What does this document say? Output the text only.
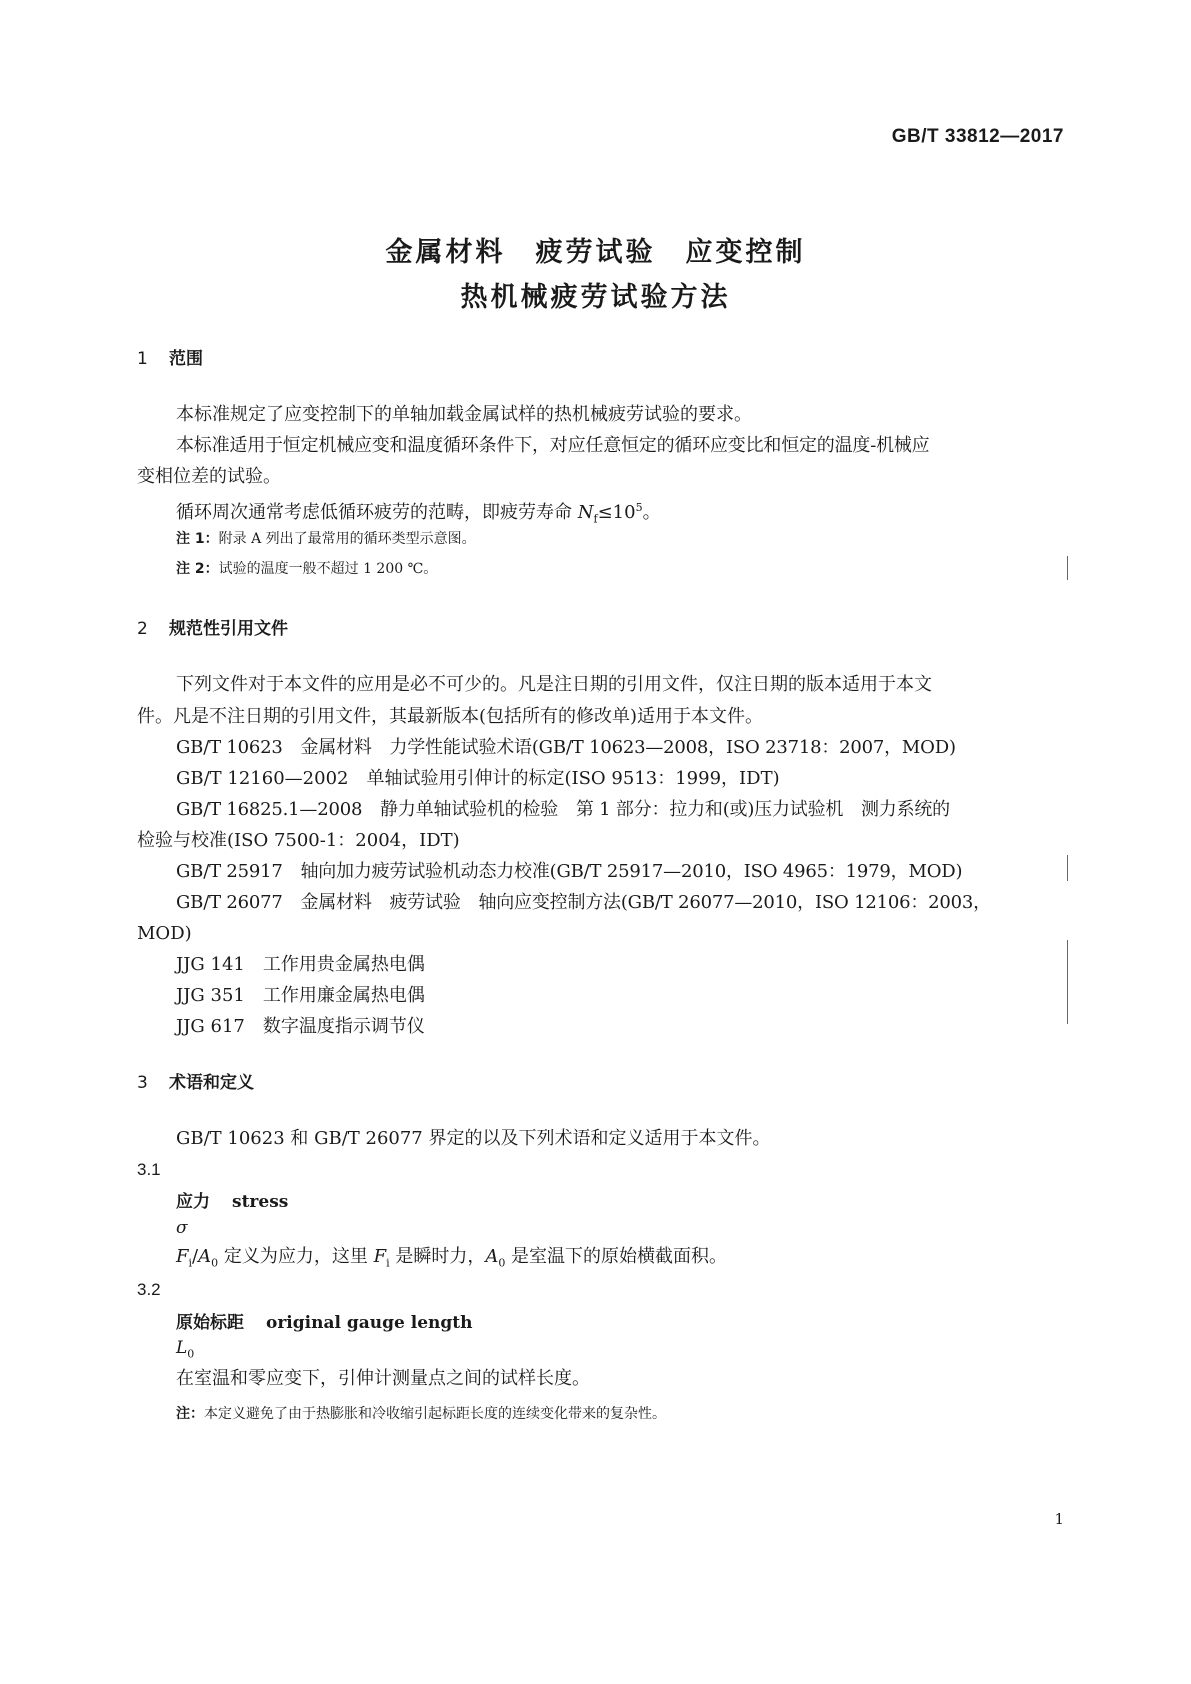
GB/T 33812—2017
金属材料　疲劳试验　应变控制
热机械疲劳试验方法
1 范围
本标准规定了应变控制下的单轴加载金属试样的热机械疲劳试验的要求。
本标准适用于恒定机械应变和温度循环条件下，对应任意恒定的循环应变比和恒定的温度-机械应
变相位差的试验。
循环周次通常考虑低循环疲劳的范畴，即疲劳寿命 $N_f\le 10^5$。
注 1：附录 A 列出了最常用的循环类型示意图。
注 2：试验的温度一般不超过 1 200 ℃。
2 规范性引用文件
下列文件对于本文件的应用是必不可少的。凡是注日期的引用文件，仅注日期的版本适用于本文
件。凡是不注日期的引用文件，其最新版本(包括所有的修改单)适用于本文件。
GB/T 10623　金属材料　力学性能试验术语(GB/T 10623—2008，ISO 23718：2007，MOD)
GB/T 12160—2002　单轴试验用引伸计的标定(ISO 9513：1999，IDT)
GB/T 16825.1—2008　静力单轴试验机的检验　第 1 部分：拉力和(或)压力试验机　测力系统的
检验与校准(ISO 7500-1：2004，IDT)
GB/T 25917　轴向加力疲劳试验机动态力校准(GB/T 25917—2010，ISO 4965：1979，MOD)
GB/T 26077　金属材料　疲劳试验　轴向应变控制方法(GB/T 26077—2010，ISO 12106：2003，
MOD)
JJG 141　工作用贵金属热电偶
JJG 351　工作用廉金属热电偶
JJG 617　数字温度指示调节仪
3 术语和定义
GB/T 10623 和 GB/T 26077 界定的以及下列术语和定义适用于本文件。
3.1
应力 stress
σ
$F_i/A_0$ 定义为应力，这里 $F_i$ 是瞬时力，$A_0$ 是室温下的原始横截面积。
3.2
原始标距 original gauge length
$L_0$
在室温和零应变下，引伸计测量点之间的试样长度。
注：本定义避免了由于热膨胀和冷收缩引起标距长度的连续变化带来的复杂性。
1
